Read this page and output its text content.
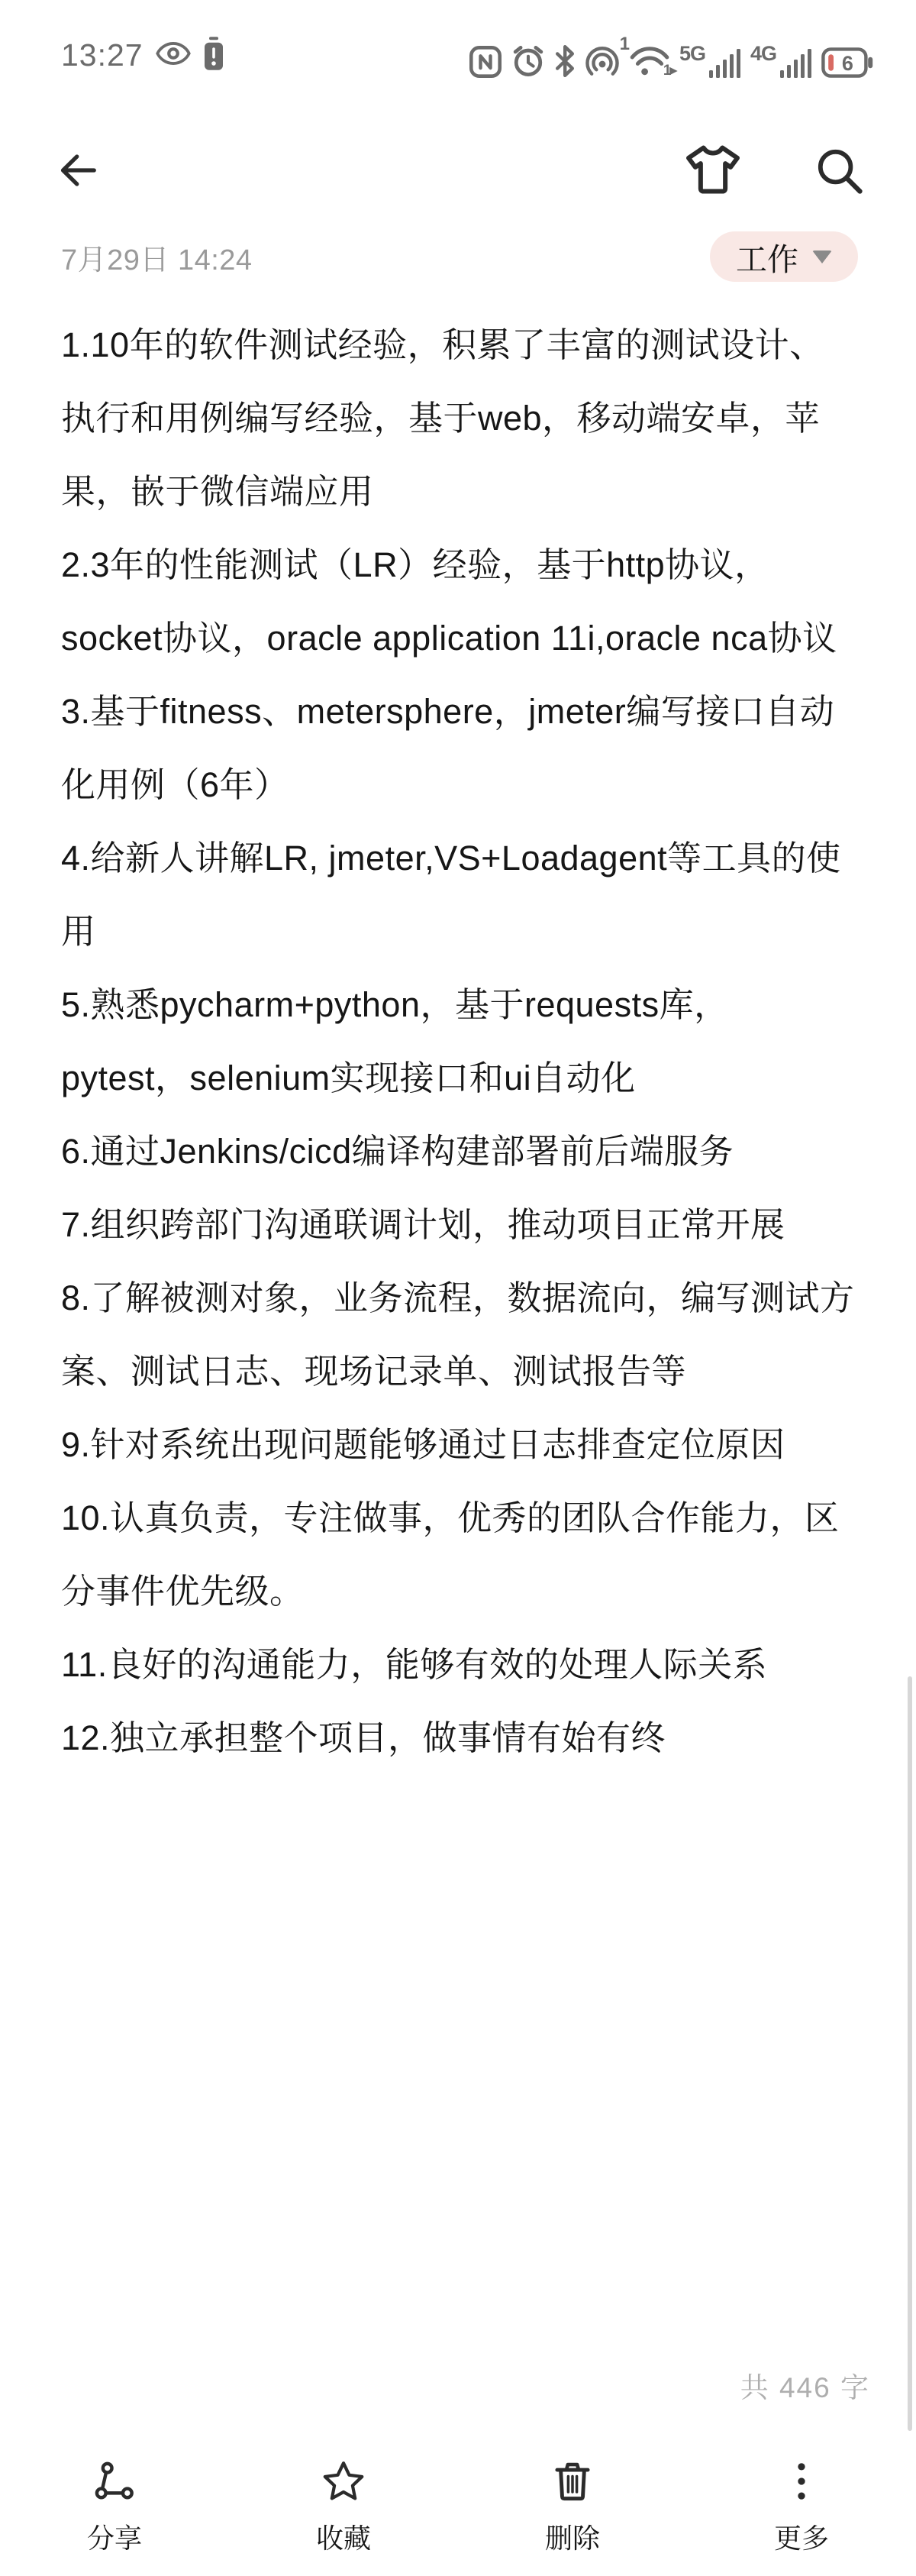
13:27	1
1▸
5G 4G	6
7月29日 14:24	工作

1.10年的软件测试经验，积累了丰富的测试设计、执行和用例编写经验，基于web，移动端安卓，苹果，嵌于微信端应用

2.3年的性能测试（LR）经验，基于http协议，socket协议，oracle application 11i,oracle nca协议

3.基于fitness、metersphere，jmeter编写接口自动化用例（6年）

4.给新人讲解LR, jmeter,VS+Loadagent等工具的使用

5.熟悉pycharm+python，基于requests库，pytest，selenium实现接口和ui自动化

6.通过Jenkins/cicd编译构建部署前后端服务

7.组织跨部门沟通联调计划，推动项目正常开展

8.了解被测对象，业务流程，数据流向，编写测试方案、测试日志、现场记录单、测试报告等

9.针对系统出现问题能够通过日志排查定位原因

10.认真负责，专注做事，优秀的团队合作能力，区分事件优先级。

11.良好的沟通能力，能够有效的处理人际关系

12.独立承担整个项目，做事情有始有终

共 446 字
分享	收藏	删除	更多
